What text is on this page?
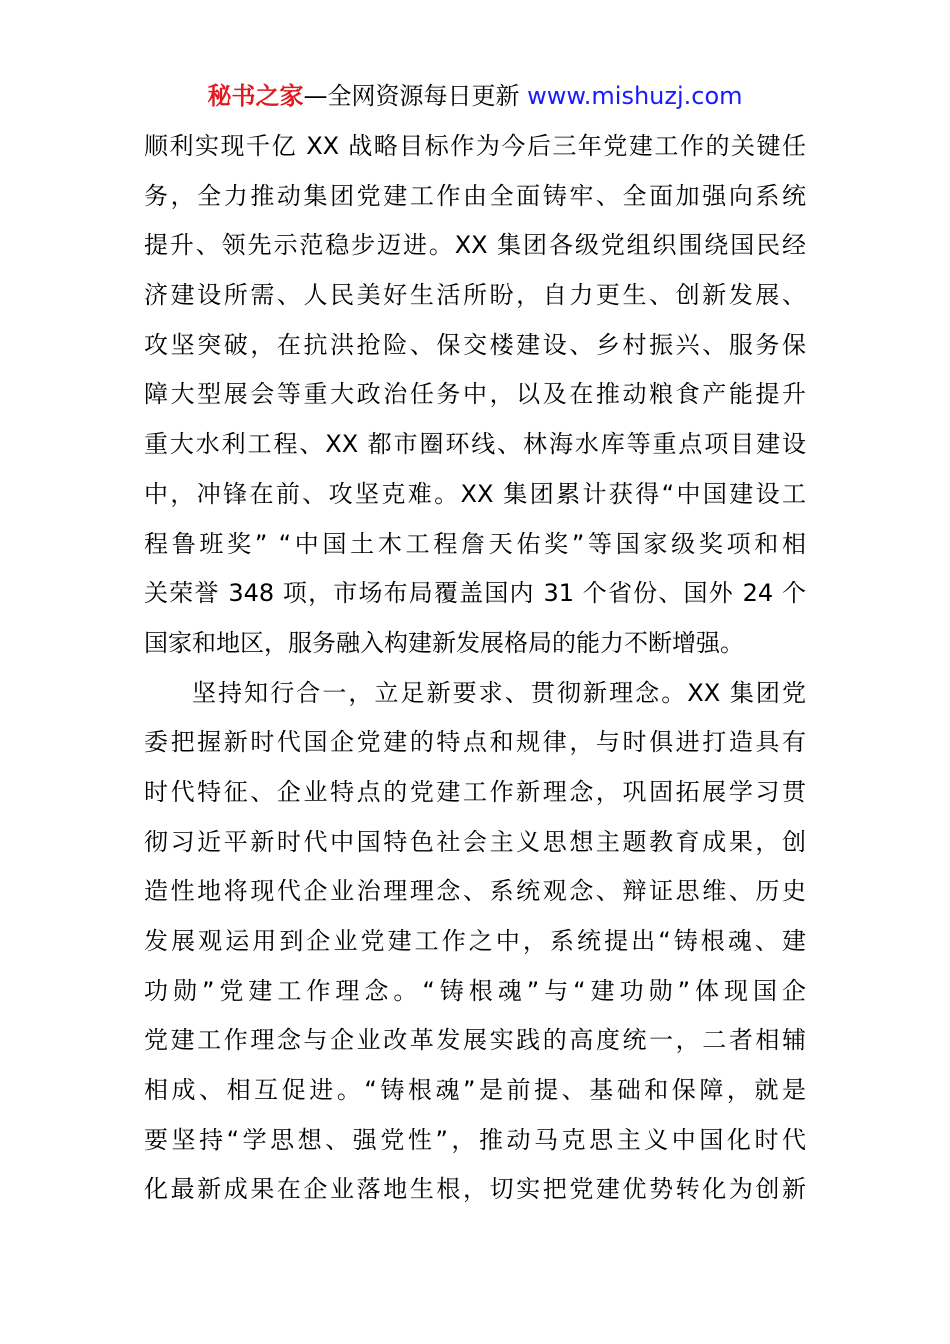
秘书之家—全网资源每日更新 www.mishuzj.com
顺利实现千亿 XX 战略目标作为今后三年党建工作的关键任
务，全力推动集团党建工作由全面铸牢、全面加强向系统
提升、领先示范稳步迈进。XX 集团各级党组织围绕国民经
济建设所需、人民美好生活所盼，自力更生、创新发展、
攻坚突破，在抗洪抢险、保交楼建设、乡村振兴、服务保
障大型展会等重大政治任务中，以及在推动粮食产能提升
重大水利工程、XX 都市圈环线、林海水库等重点项目建设
中，冲锋在前、攻坚克难。XX 集团累计获得“中国建设工
程鲁班奖” “中国土木工程詹天佑奖”等国家级奖项和相
关荣誉 348 项，市场布局覆盖国内 31 个省份、国外 24 个
国家和地区，服务融入构建新发展格局的能力不断增强。
坚持知行合一，立足新要求、贯彻新理念。XX 集团党
委把握新时代国企党建的特点和规律，与时俱进打造具有
时代特征、企业特点的党建工作新理念，巩固拓展学习贯
彻习近平新时代中国特色社会主义思想主题教育成果，创
造性地将现代企业治理理念、系统观念、辩证思维、历史
发展观运用到企业党建工作之中，系统提出“铸根魂、建
功勋”党建工作理念。“铸根魂”与“建功勋”体现国企
党建工作理念与企业改革发展实践的高度统一，二者相辅
相成、相互促进。“铸根魂”是前提、基础和保障，就是
要坚持“学思想、强党性”，推动马克思主义中国化时代
化最新成果在企业落地生根，切实把党建优势转化为创新
